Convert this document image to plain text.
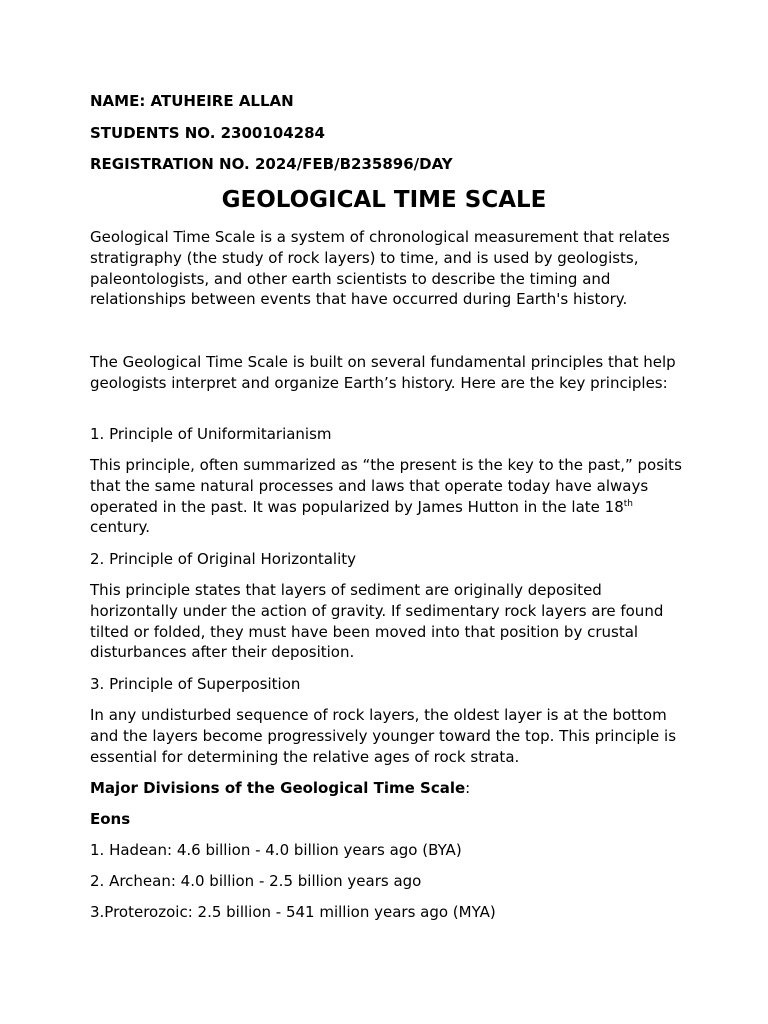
NAME: ATUHEIRE ALLAN

STUDENTS NO. 2300104284

REGISTRATION NO. 2024/FEB/B235896/DAY

GEOLOGICAL TIME SCALE

Geological Time Scale is a system of chronological measurement that relates stratigraphy (the study of rock layers) to time, and is used by geologists, paleontologists, and other earth scientists to describe the timing and relationships between events that have occurred during Earth's history.

The Geological Time Scale is built on several fundamental principles that help geologists interpret and organize Earth’s history. Here are the key principles:

1. Principle of Uniformitarianism

This principle, often summarized as “the present is the key to the past,” posits that the same natural processes and laws that operate today have always operated in the past. It was popularized by James Hutton in the late 18th century.

2. Principle of Original Horizontality

This principle states that layers of sediment are originally deposited horizontally under the action of gravity. If sedimentary rock layers are found tilted or folded, they must have been moved into that position by crustal disturbances after their deposition.

3. Principle of Superposition

In any undisturbed sequence of rock layers, the oldest layer is at the bottom and the layers become progressively younger toward the top. This principle is essential for determining the relative ages of rock strata.

Major Divisions of the Geological Time Scale:

Eons

1. Hadean: 4.6 billion - 4.0 billion years ago (BYA)

2. Archean: 4.0 billion - 2.5 billion years ago

3.Proterozoic: 2.5 billion - 541 million years ago (MYA)
